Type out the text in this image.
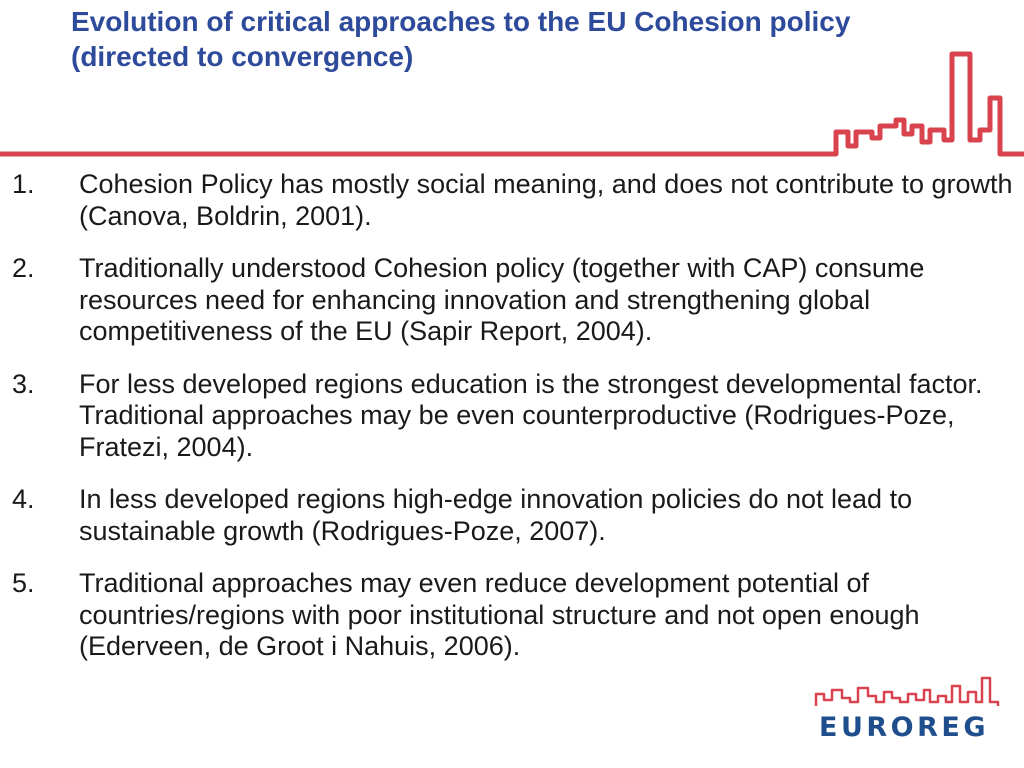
Evolution of critical approaches to the EU Cohesion policy (directed to convergence)
1. Cohesion Policy has mostly social meaning, and does not contribute to growth (Canova, Boldrin, 2001).
2. Traditionally understood Cohesion policy (together with CAP) consume resources need for enhancing innovation and strengthening global competitiveness of the EU (Sapir Report, 2004).
3. For less developed regions education is the strongest developmental factor. Traditional approaches may be even counterproductive (Rodrigues-Poze, Fratezi, 2004).
4. In less developed regions high-edge innovation policies do not lead to sustainable growth (Rodrigues-Poze, 2007).
5. Traditional approaches may even reduce development potential of countries/regions with poor institutional structure and not open enough (Ederveen, de Groot i Nahuis, 2006).
EUROREG
